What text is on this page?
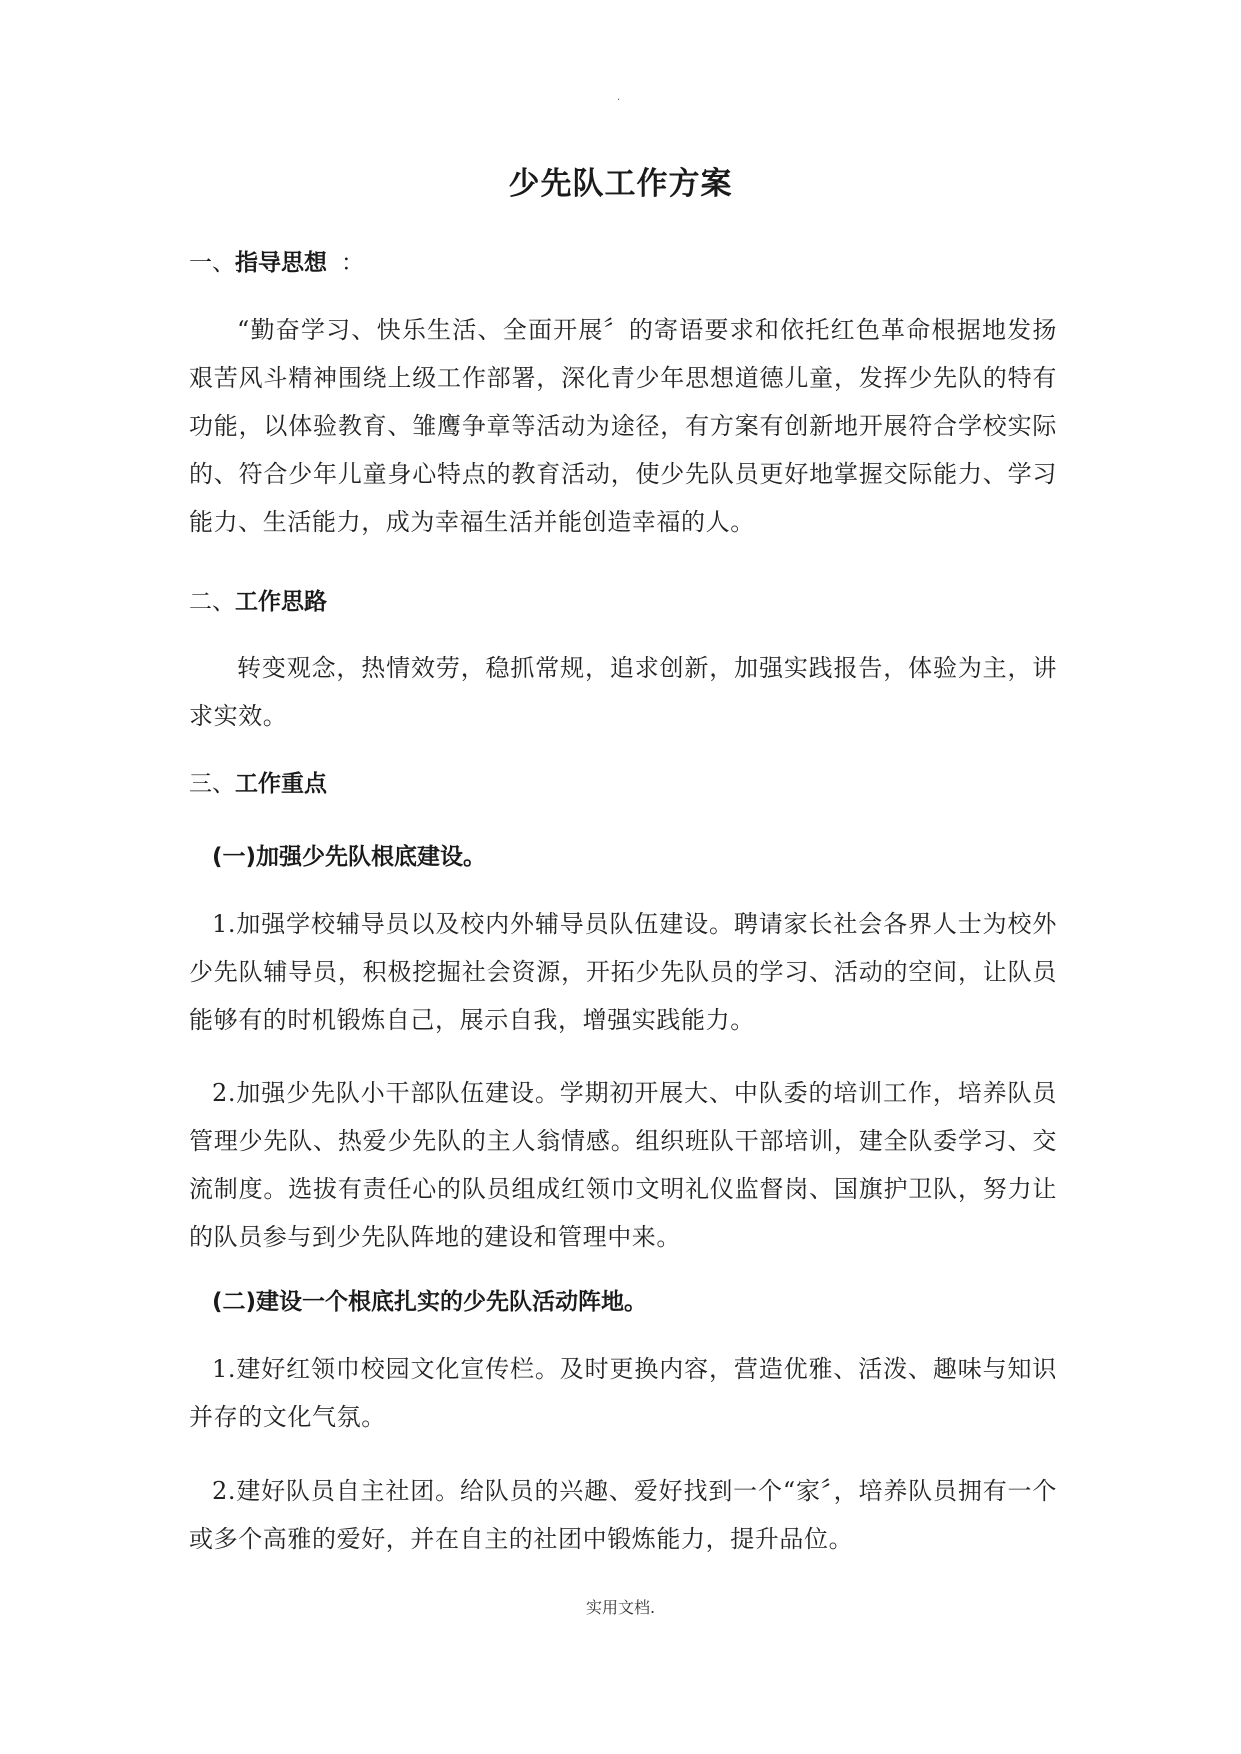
.
少先队工作方案
一、指导思想 ：
“勤奋学习、快乐生活、全面开展〞的寄语要求和依托红色革命根据地发扬艰苦风斗精神围绕上级工作部署，深化青少年思想道德儿童，发挥少先队的特有功能，以体验教育、雏鹰争章等活动为途径，有方案有创新地开展符合学校实际的、符合少年儿童身心特点的教育活动，使少先队员更好地掌握交际能力、学习能力、生活能力，成为幸福生活并能创造幸福的人。
二、工作思路
转变观念，热情效劳，稳抓常规，追求创新，加强实践报告，体验为主，讲求实效。
三、工作重点
(一)加强少先队根底建设。
1.加强学校辅导员以及校内外辅导员队伍建设。聘请家长社会各界人士为校外少先队辅导员，积极挖掘社会资源，开拓少先队员的学习、活动的空间，让队员能够有的时机锻炼自己，展示自我，增强实践能力。
2.加强少先队小干部队伍建设。学期初开展大、中队委的培训工作，培养队员管理少先队、热爱少先队的主人翁情感。组织班队干部培训，建全队委学习、交流制度。选拔有责任心的队员组成红领巾文明礼仪监督岗、国旗护卫队，努力让的队员参与到少先队阵地的建设和管理中来。
(二)建设一个根底扎实的少先队活动阵地。
1.建好红领巾校园文化宣传栏。及时更换内容，营造优雅、活泼、趣味与知识并存的文化气氛。
2.建好队员自主社团。给队员的兴趣、爱好找到一个“家〞，培养队员拥有一个或多个高雅的爱好，并在自主的社团中锻炼能力，提升品位。
实用文档.
